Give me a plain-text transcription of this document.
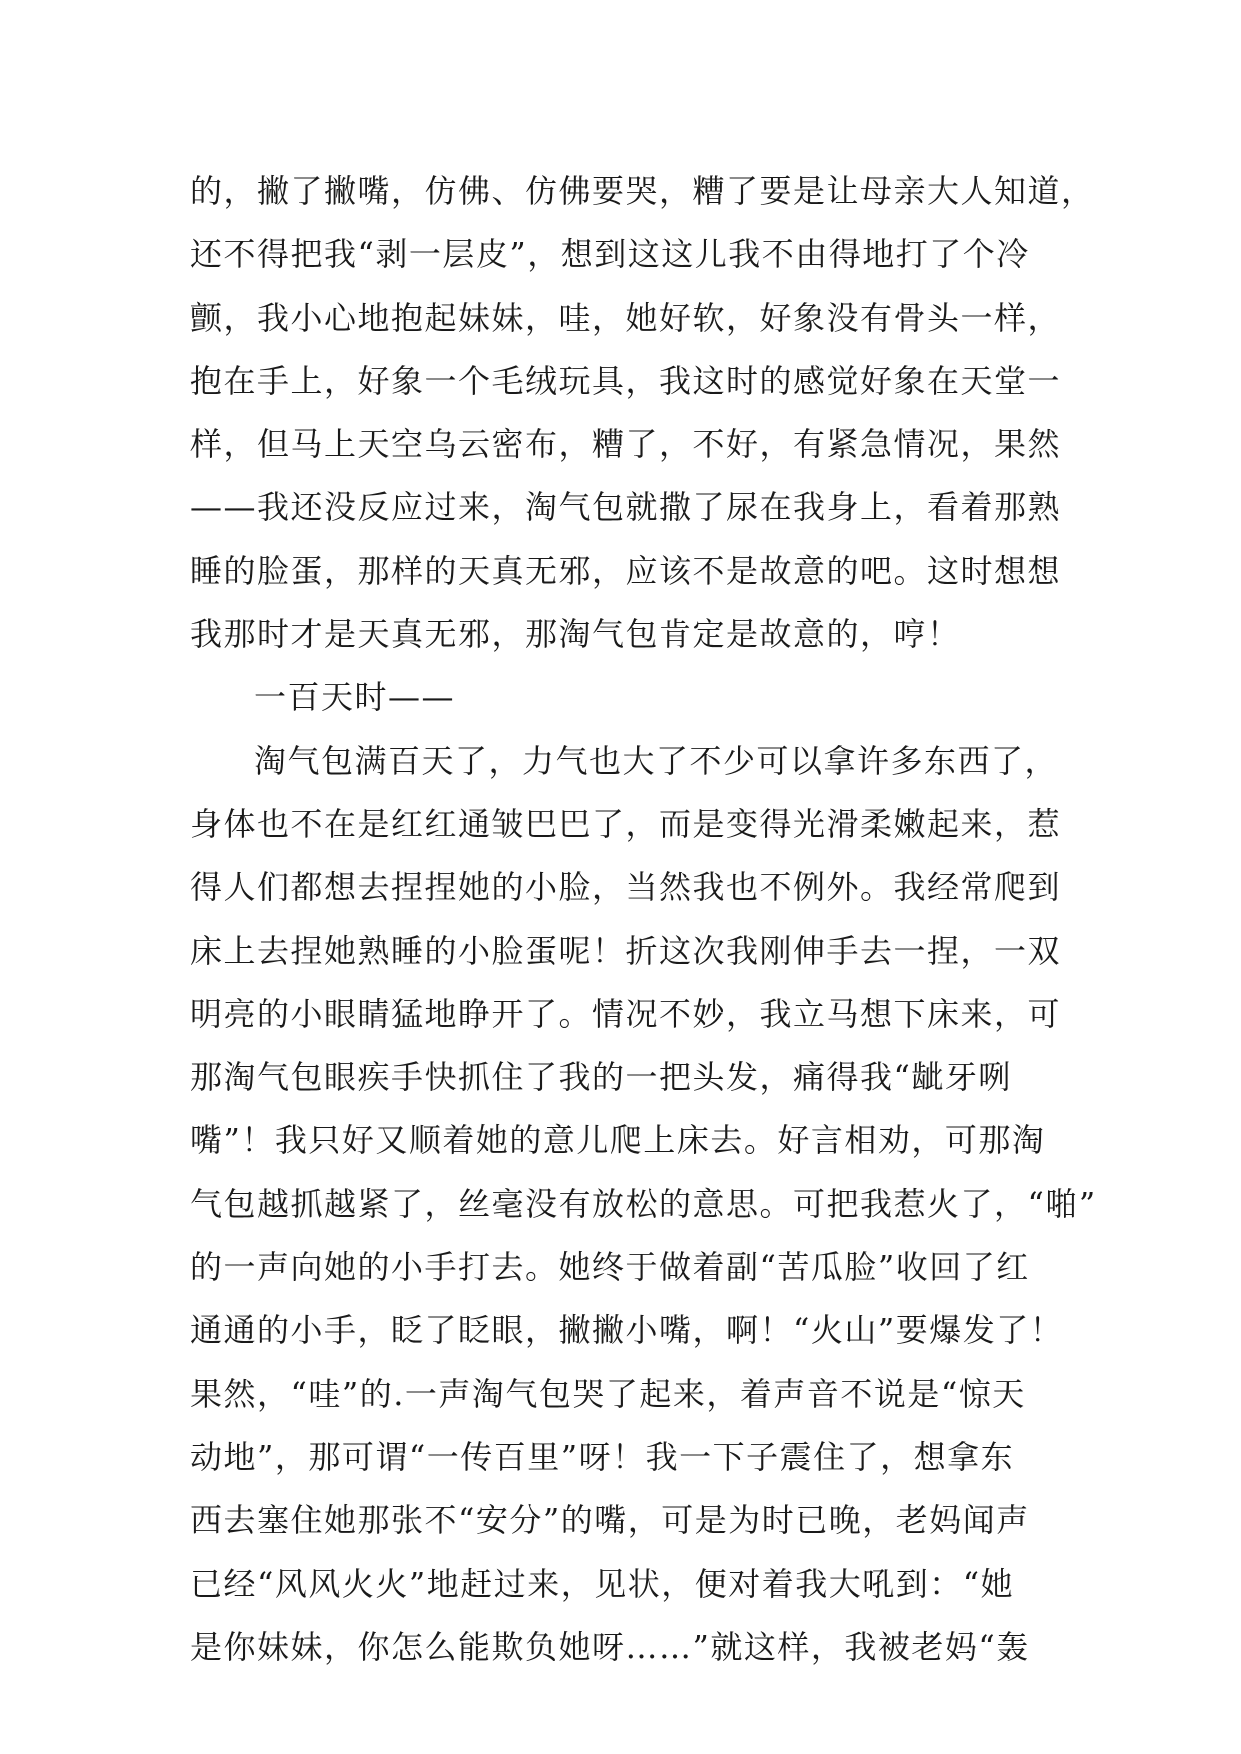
的，撇了撇嘴，仿佛、仿佛要哭，糟了要是让母亲大人知道，
还不得把我“剥一层皮”，想到这这儿我不由得地打了个冷
颤，我小心地抱起妹妹，哇，她好软，好象没有骨头一样，
抱在手上，好象一个毛绒玩具，我这时的感觉好象在天堂一
样，但马上天空乌云密布，糟了，不好，有紧急情况，果然
——我还没反应过来，淘气包就撒了尿在我身上，看着那熟
睡的脸蛋，那样的天真无邪，应该不是故意的吧。这时想想
我那时才是天真无邪，那淘气包肯定是故意的，哼！
一百天时——
淘气包满百天了，力气也大了不少可以拿许多东西了，
身体也不在是红红通皱巴巴了，而是变得光滑柔嫩起来，惹
得人们都想去捏捏她的小脸，当然我也不例外。我经常爬到
床上去捏她熟睡的小脸蛋呢！折这次我刚伸手去一捏，一双
明亮的小眼睛猛地睁开了。情况不妙，我立马想下床来，可
那淘气包眼疾手快抓住了我的一把头发，痛得我“龇牙咧
嘴”！我只好又顺着她的意儿爬上床去。好言相劝，可那淘
气包越抓越紧了，丝毫没有放松的意思。可把我惹火了，“啪”
的一声向她的小手打去。她终于做着副“苦瓜脸”收回了红
通通的小手，眨了眨眼，撇撇小嘴，啊！“火山”要爆发了！
果然，“哇”的.一声淘气包哭了起来，着声音不说是“惊天
动地”，那可谓“一传百里”呀！我一下子震住了，想拿东
西去塞住她那张不“安分”的嘴，可是为时已晚，老妈闻声
已经“风风火火”地赶过来，见状，便对着我大吼到：“她
是你妹妹，你怎么能欺负她呀……”就这样，我被老妈“轰
